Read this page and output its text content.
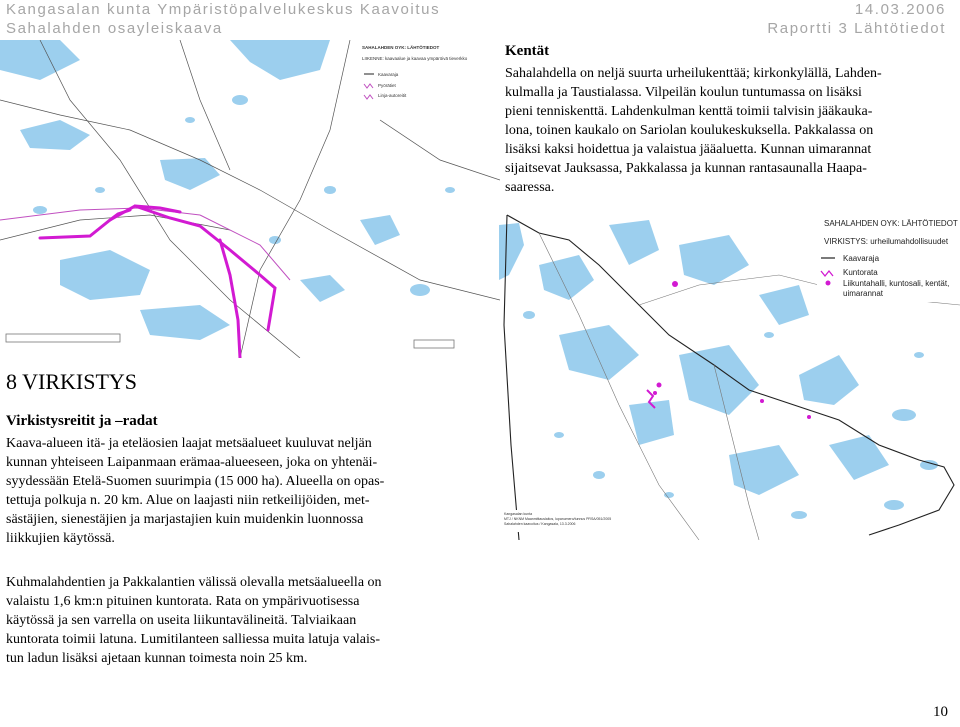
Kangasalan kunta Ympäristöpalvelukeskus Kaavoitus	14.03.2006
Sahalahden osayleiskaava	Raportti 3 Lähtötiedot
SAHALAHDEN OYK: LÄHTÖTIEDOT
LIIKENNE: kaavaalue ja kaavaa ympäröivä tieverkko
Kaavaraja
Pyörätiet
Linja-autoreitit
Kentät
Sahalahdella on neljä suurta urheilukenttää; kirkonkylällä, Lahden-
kulmalla ja Taustialassa. Vilpeilän koulun tuntumassa on lisäksi
pieni tenniskenttä. Lahdenkulman kenttä toimii talvisin jääkauka-
lona, toinen kaukalo on Sariolan koulukeskuksella. Pakkalassa on
lisäksi kaksi hoidettua ja valaistua jääaluetta. Kunnan uimarannat
sijaitsevat Jauksassa, Pakkalassa ja kunnan rantasaunalla Haapa-
saaressa.
SAHALAHDEN OYK: LÄHTÖTIEDOT
VIRKISTYS: urheilumahdollisuudet
Kaavaraja
Kuntorata
Liikuntahalli, kuntosali, kentät,
uimarannat
Kangasalan kunta
MTJ / NKNM Maanmittauslaitos, lupanumero/tunnus PRSA/051/2005
Sahalahden kaavoitus / Kangasala, 13.3.2006
8 VIRKISTYS
Virkistysreitit ja –radat
Kaava-alueen itä- ja eteläosien laajat metsäalueet kuuluvat neljän
kunnan yhteiseen Laipanmaan erämaa-alueeseen, joka on yhtenäi-
syydessään Etelä-Suomen suurimpia (15 000 ha). Alueella on opas-
tettuja polkuja n. 20 km. Alue on laajasti niin retkeilijöiden, met-
sästäjien, sienestäjien ja marjastajien kuin muidenkin luonnossa
liikkujien käytössä.
Kuhmalahdentien ja Pakkalantien välissä olevalla metsäalueella on
valaistu 1,6 km:n pituinen kuntorata. Rata on ympärivuotisessa
käytössä ja sen varrella on useita liikuntavälineitä. Talviaikaan
kuntorata toimii latuna. Lumitilanteen salliessa muita latuja valais-
tun ladun lisäksi ajetaan kunnan toimesta noin 25 km.
10
